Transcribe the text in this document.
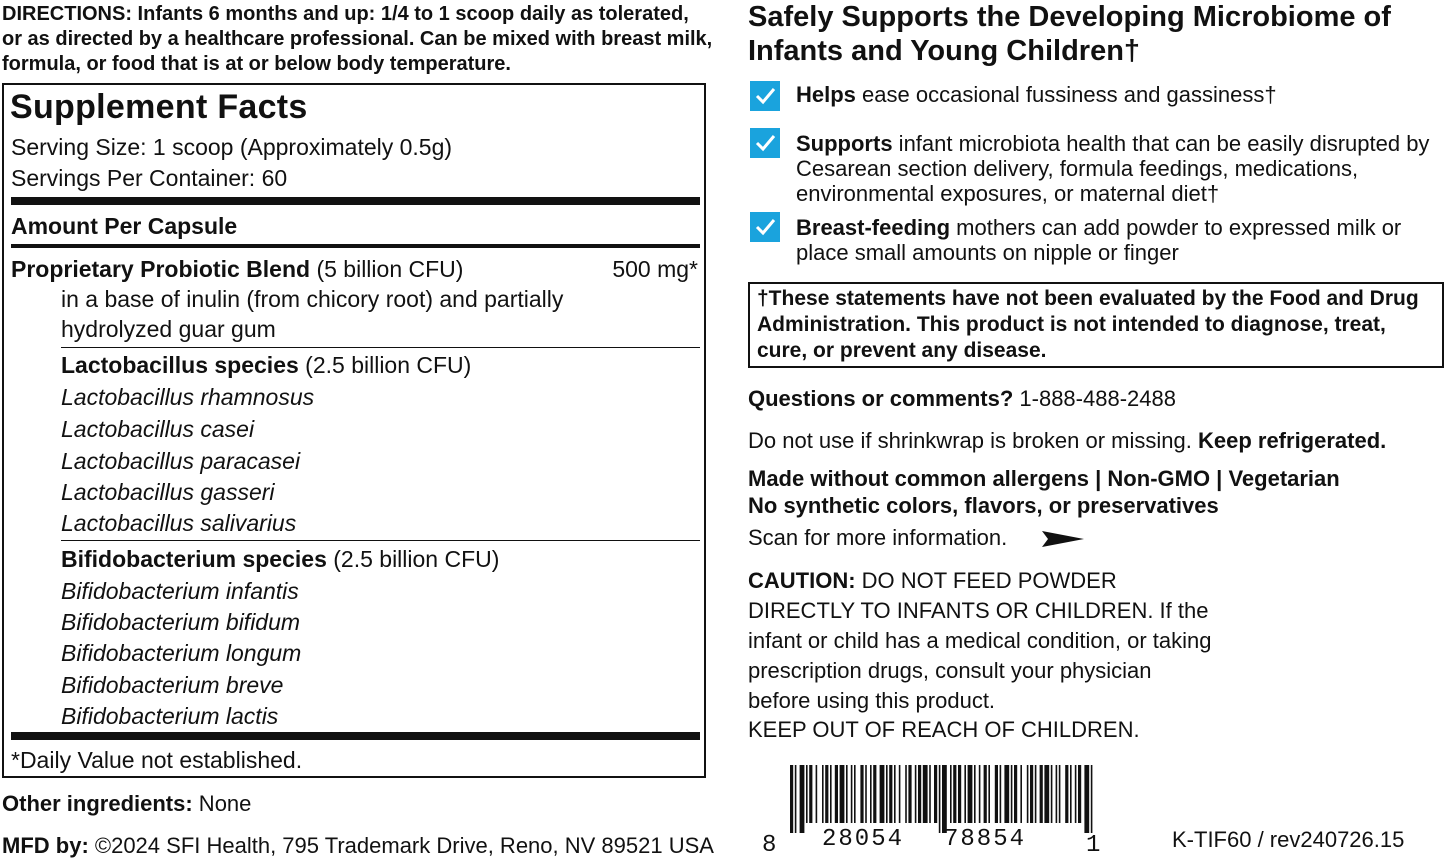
DIRECTIONS: Infants 6 months and up: 1/4 to 1 scoop daily as tolerated, or as directed by a healthcare professional. Can be mixed with breast milk, formula, or food that is at or below body temperature.
Supplement Facts
Serving Size: 1 scoop (Approximately 0.5g)
Servings Per Container: 60
Amount Per Capsule
Proprietary Probiotic Blend (5 billion CFU)	500 mg*
in a base of inulin (from chicory root) and partially hydrolyzed guar gum
Lactobacillus species (2.5 billion CFU)
Lactobacillus rhamnosus
Lactobacillus casei
Lactobacillus paracasei
Lactobacillus gasseri
Lactobacillus salivarius
Bifidobacterium species (2.5 billion CFU)
Bifidobacterium infantis
Bifidobacterium bifidum
Bifidobacterium longum
Bifidobacterium breve
Bifidobacterium lactis
*Daily Value not established.
Other ingredients: None
MFD by: ©2024 SFI Health, 795 Trademark Drive, Reno, NV 89521 USA
Safely Supports the Developing Microbiome of Infants and Young Children†
Helps ease occasional fussiness and gassiness†
Supports infant microbiota health that can be easily disrupted by Cesarean section delivery, formula feedings, medications, environmental exposures, or maternal diet†
Breast-feeding mothers can add powder to expressed milk or place small amounts on nipple or finger
†These statements have not been evaluated by the Food and Drug Administration. This product is not intended to diagnose, treat, cure, or prevent any disease.
Questions or comments? 1-888-488-2488
Do not use if shrinkwrap is broken or missing. Keep refrigerated.
Made without common allergens | Non-GMO | Vegetarian
No synthetic colors, flavors, or preservatives
Scan for more information.
CAUTION: DO NOT FEED POWDER DIRECTLY TO INFANTS OR CHILDREN. If the infant or child has a medical condition, or taking prescription drugs, consult your physician before using this product.
KEEP OUT OF REACH OF CHILDREN.
8 28054 78854 1	K-TIF60 / rev240726.15
